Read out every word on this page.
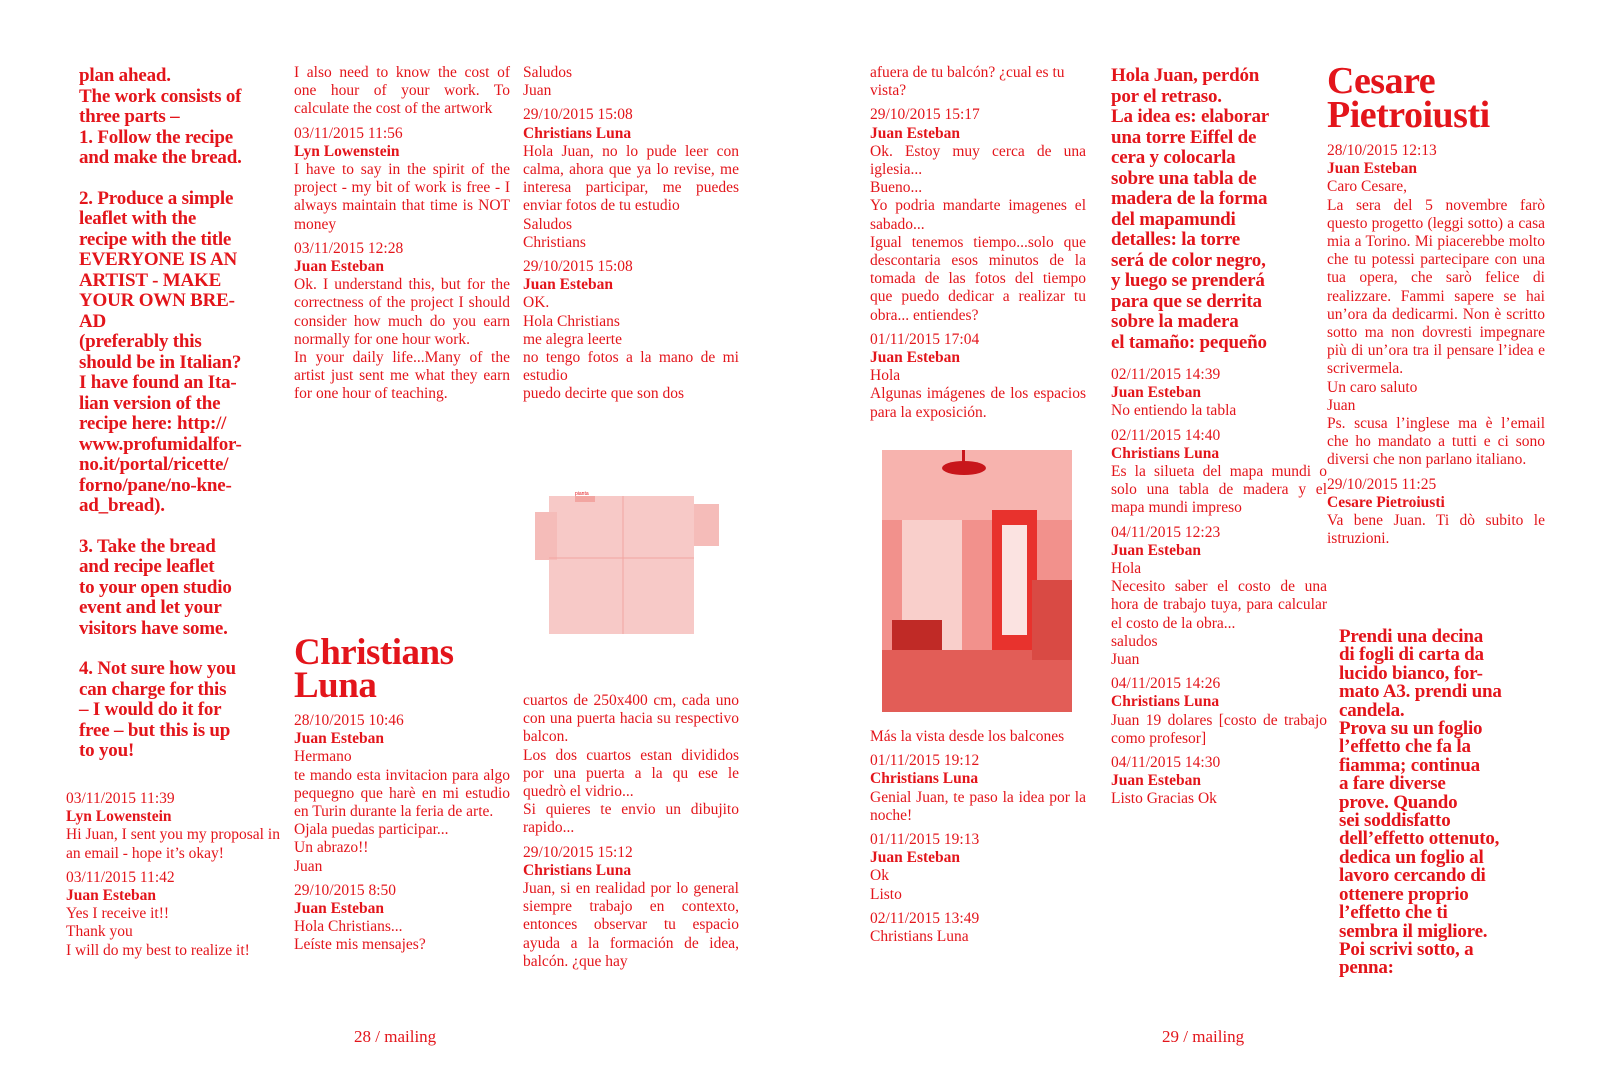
plan ahead.

The work consists of

three parts –

1. Follow the recipe

and make the bread.

2. Produce a simple

leaflet with the

recipe with the title

EVERYONE IS AN

ARTIST - MAKE

YOUR OWN BRE-

AD

(preferably this

should be in Italian?

I have found an Ita-

lian version of the

recipe here: http://

www.profumidalfor-

no.it/portal/ricette/

forno/pane/no-kne-

ad_bread).

3. Take the bread

and recipe leaflet

to your open studio

event and let your

visitors have some.

4. Not sure how you

can charge for this

– I would do it for

free – but this is up

to you!

03/11/2015 11:39

Lyn Lowenstein

Hi Juan, I sent you my proposal in an email - hope it’s okay!

03/11/2015 11:42

Juan Esteban

Yes I receive it!!
Thank you
I will do my best to realize it!

I also need to know the cost of one hour of your work. To calculate the cost of the artwork

03/11/2015 11:56

Lyn Lowenstein

I have to say in the spirit of the project - my bit of work is free - I always maintain that time is NOT money

03/11/2015 12:28

Juan Esteban

Ok. I understand this, but for the correctness of the project I should consider how much do you earn normally for one hour work.
In your daily life...Many of the artist just sent me what they earn for one hour of teaching.

Christians Luna

28/10/2015 10:46

Juan Esteban

Hermano
te mando esta invitacion para algo pequegno que harè en mi estudio en Turin durante la feria de arte.
Ojala puedas participar...
Un abrazo!!
Juan

29/10/2015 8:50

Juan Esteban

Hola Christians...
Leíste mis mensajes?

Saludos
Juan

29/10/2015 15:08

Christians Luna

Hola Juan, no lo pude leer con calma, ahora que ya lo revise, me interesa participar, me puedes enviar fotos de tu estudio
Saludos
Christians

29/10/2015 15:08

Juan Esteban

OK.
Hola Christians
me alegra leerte
no tengo fotos a la mano de mi estudio
puedo decirte que son dos

pianta

cuartos de 250x400 cm, cada uno con una puerta hacia su respectivo balcon.
Los dos cuartos estan divididos por una puerta a la qu ese le quedrò el vidrio...
Si quieres te envio un dibujito rapido...

29/10/2015 15:12

Christians Luna

Juan, si en realidad por lo general siempre trabajo en contexto, entonces observar tu espacio ayuda a la formación de idea, balcón. ¿que hay

28 / mailing

afuera de tu balcón? ¿cual es tu vista?

29/10/2015 15:17

Juan Esteban

Ok. Estoy muy cerca de una iglesia...
Bueno...
Yo podria mandarte imagenes el sabado...
Igual tenemos tiempo...solo que descontaria esos minutos de la tomada de las fotos del tiempo que puedo dedicar a realizar tu obra... entiendes?

01/11/2015 17:04

Juan Esteban

Hola
Algunas imágenes de los espacios para la exposición.

Más la vista desde los balcones

01/11/2015 19:12

Christians Luna

Genial Juan, te paso la idea por la noche!

01/11/2015 19:13

Juan Esteban

Ok
Listo

02/11/2015 13:49

Christians Luna

Hola Juan, perdón

por el retraso.

La idea es: elaborar

una torre Eiffel de

cera y colocarla

sobre una tabla de

madera de la forma

del mapamundi

detalles: la torre

será de color negro,

y luego se prenderá

para que se derrita

sobre la madera

el tamaño: pequeño

02/11/2015 14:39

Juan Esteban

No entiendo la tabla

02/11/2015 14:40

Christians Luna

Es la silueta del mapa mundi o solo una tabla de madera y el mapa mundi impreso

04/11/2015 12:23

Juan Esteban

Hola
Necesito saber el costo de una hora de trabajo tuya, para calcular el costo de la obra...
saludos
Juan

04/11/2015 14:26

Christians Luna

Juan 19 dolares [costo de trabajo como profesor]

04/11/2015 14:30

Juan Esteban

Listo Gracias Ok

Cesare Pietroiusti

28/10/2015 12:13

Juan Esteban

Caro Cesare,
La sera del 5 novembre farò questo progetto (leggi sotto) a casa mia a Torino. Mi piacerebbe molto che tu potessi partecipare con una tua opera, che sarò felice di realizzare. Fammi sapere se hai un’ora da dedicarmi. Non è scritto sotto ma non dovresti impegnare più di un’ora tra il pensare l’idea e scrivermela.
Un caro saluto
Juan
Ps. scusa l’inglese ma è l’email che ho mandato a tutti e ci sono diversi che non parlano italiano.

29/10/2015 11:25

Cesare Pietroiusti

Va bene Juan. Ti dò subito le istruzioni.

Prendi una decina

di fogli di carta da

lucido bianco, for-

mato A3. prendi una

candela.

Prova su un foglio

l’effetto che fa la

fiamma; continua

a fare diverse

prove. Quando

sei soddisfatto

dell’effetto ottenuto,

dedica un foglio al

lavoro cercando di

ottenere proprio

l’effetto che ti

sembra il migliore.

Poi scrivi sotto, a

penna:

29 / mailing
